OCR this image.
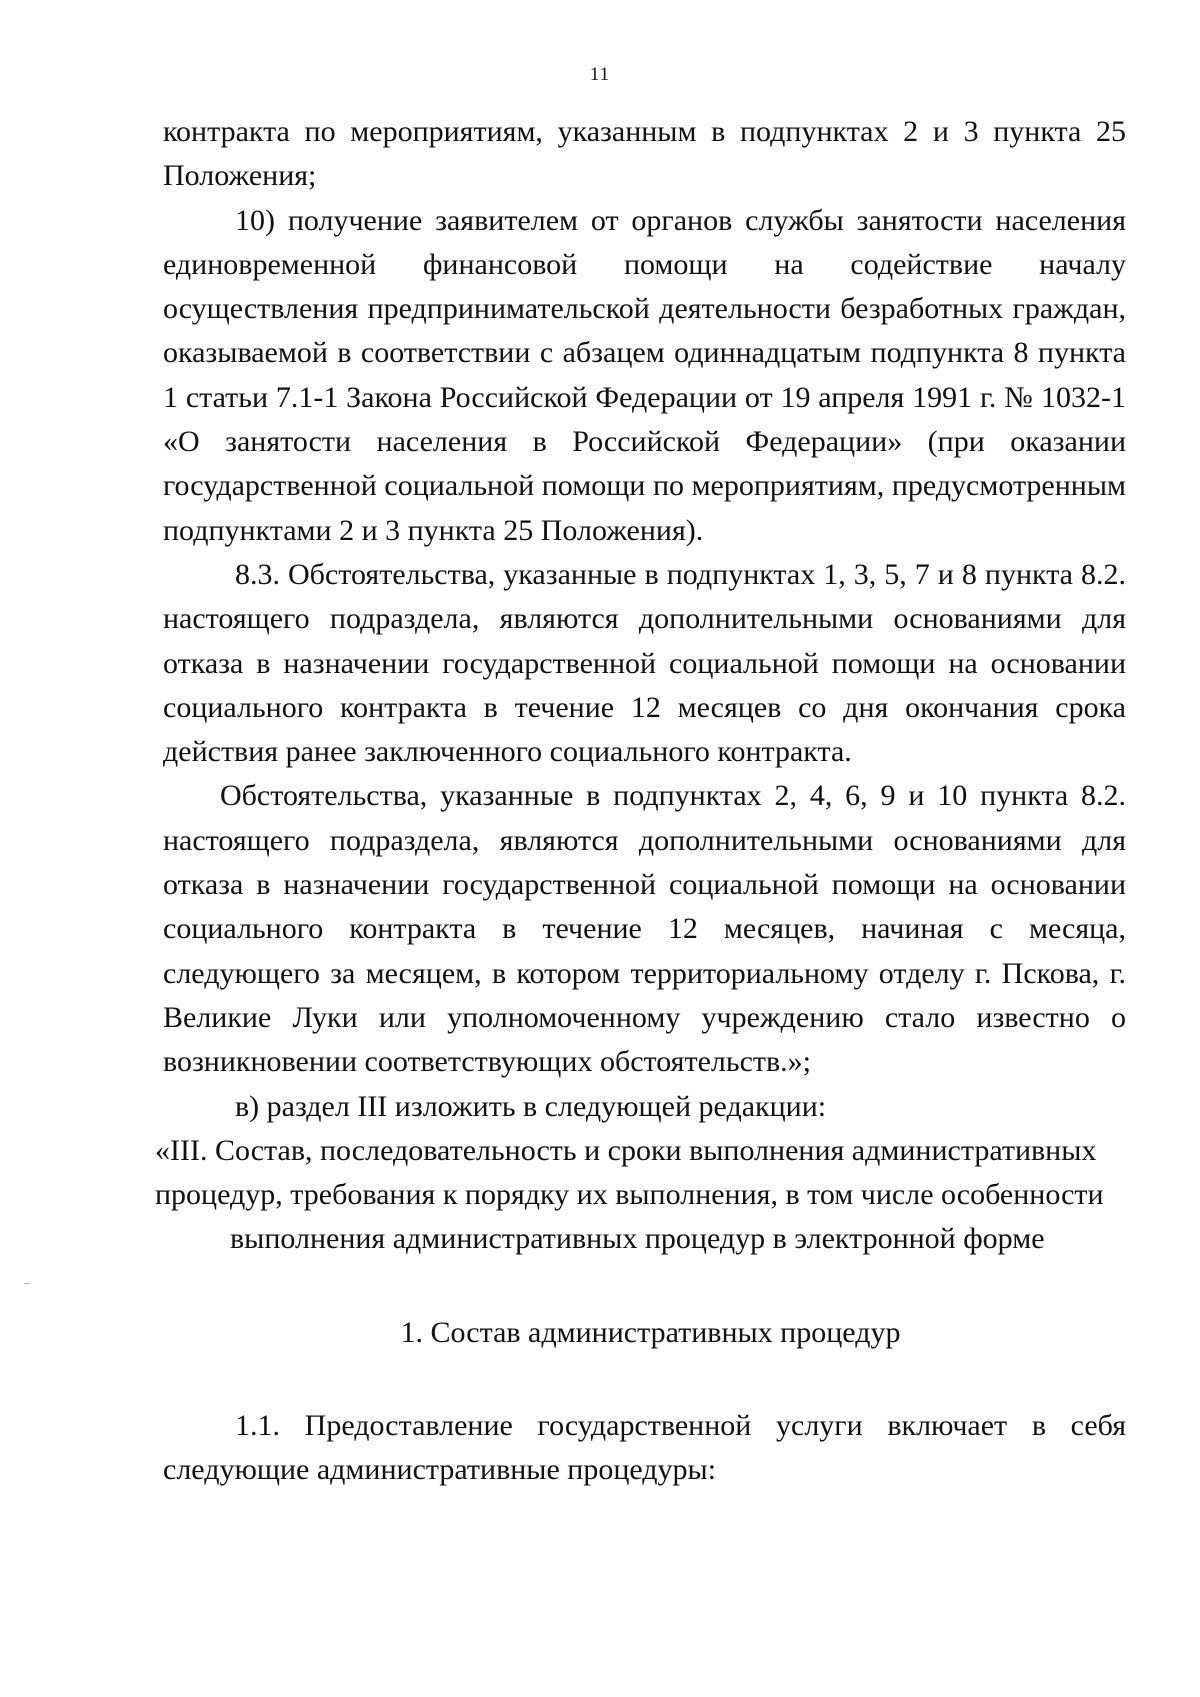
11

контракта по мероприятиям, указанным в подпунктах 2 и 3 пункта 25 Положения;

10) получение заявителем от органов службы занятости населения единовременной финансовой помощи на содействие началу осуществления предпринимательской деятельности безработных граждан, оказываемой в соответствии с абзацем одиннадцатым подпункта 8 пункта 1 статьи 7.1-1 Закона Российской Федерации от 19 апреля 1991 г. № 1032-1 «О занятости населения в Российской Федерации» (при оказании государственной социальной помощи по мероприятиям, предусмотренным подпунктами 2 и 3 пункта 25 Положения).

8.3. Обстоятельства, указанные в подпунктах 1, 3, 5, 7 и 8 пункта 8.2. настоящего подраздела, являются дополнительными основаниями для отказа в назначении государственной социальной помощи на основании социального контракта в течение 12 месяцев со дня окончания срока действия ранее заключенного социального контракта.

Обстоятельства, указанные в подпунктах 2, 4, 6, 9 и 10 пункта 8.2. настоящего подраздела, являются дополнительными основаниями для отказа в назначении государственной социальной помощи на основании социального контракта в течение 12 месяцев, начиная с месяца, следующего за месяцем, в котором территориальному отделу г. Пскова, г. Великие Луки или уполномоченному учреждению стало известно о возникновении соответствующих обстоятельств.»;

в) раздел III изложить в следующей редакции:

«III. Состав, последовательность и сроки выполнения административных
процедур, требования к порядку их выполнения, в том числе особенности
выполнения административных процедур в электронной форме

1. Состав административных процедур

1.1. Предоставление государственной услуги включает в себя следующие административные процедуры:
